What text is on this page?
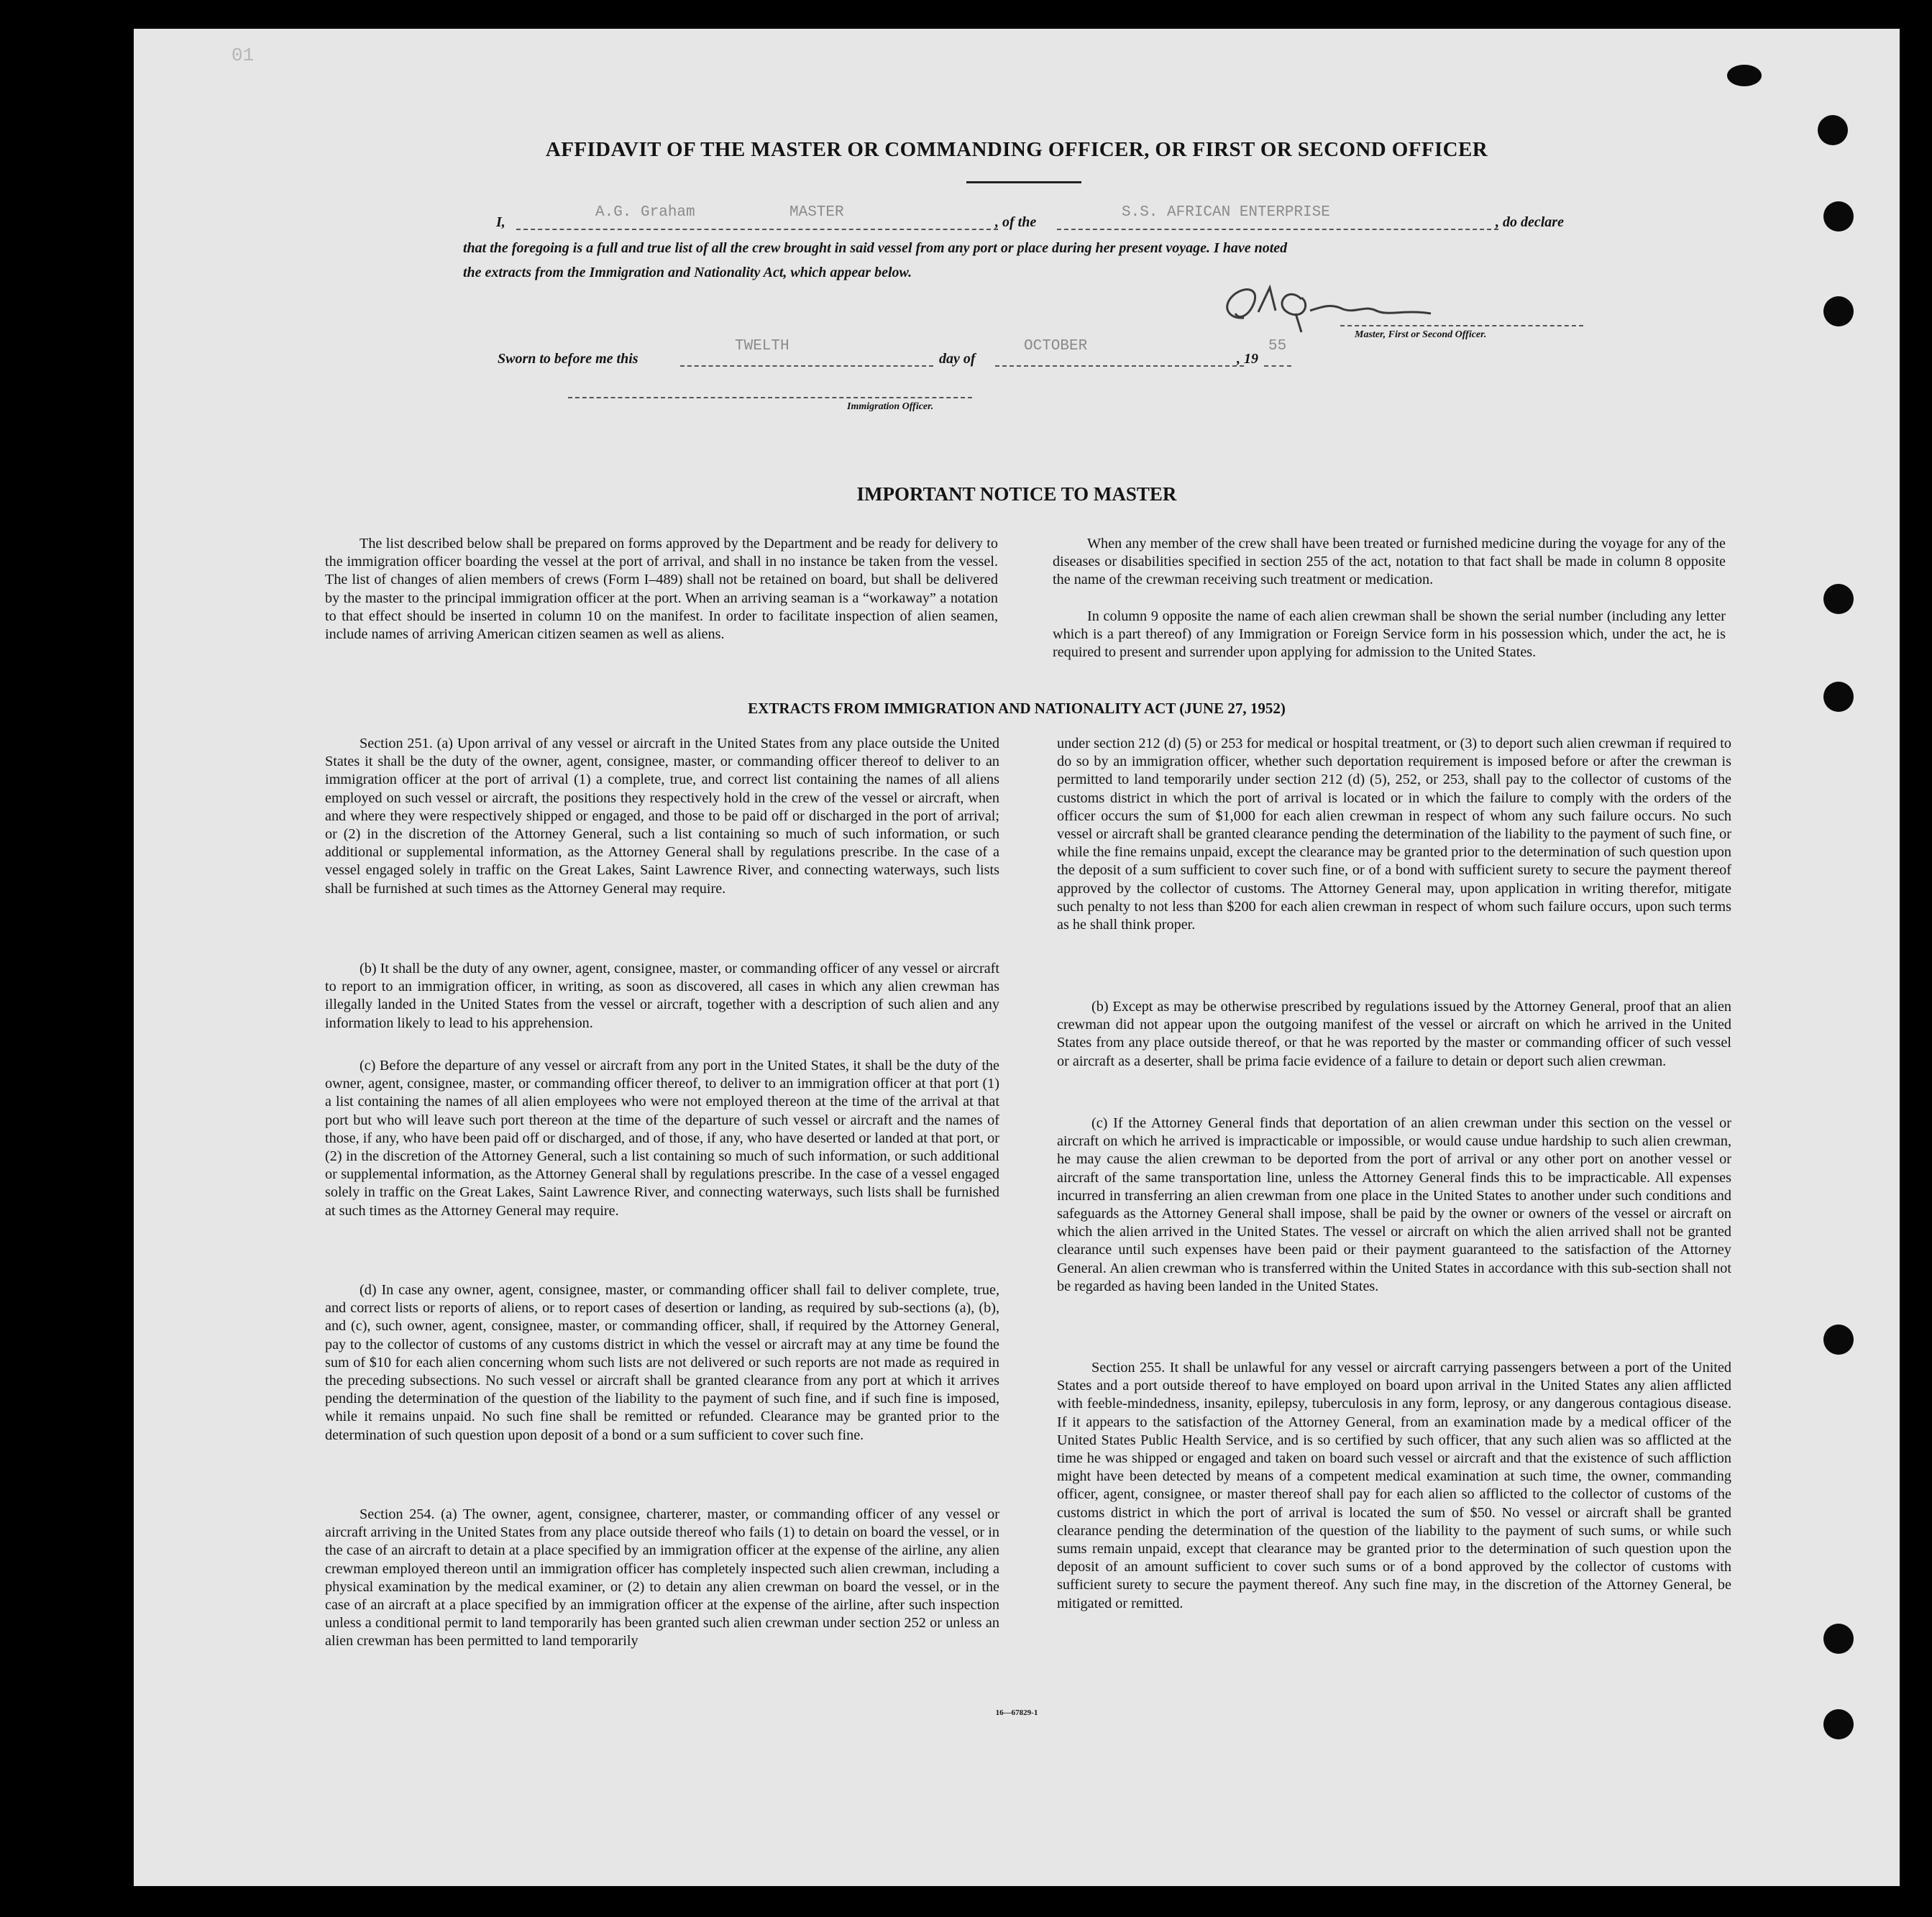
01
AFFIDAVIT OF THE MASTER OR COMMANDING OFFICER, OR FIRST OR SECOND OFFICER
I,
A.G. Graham	MASTER
, of the
S.S. AFRICAN ENTERPRISE
, do declare
that the foregoing is a full and true list of all the crew brought in said vessel from any port or place during her present voyage. I have noted
the extracts from the Immigration and Nationality Act, which appear below.
Master, First or Second Officer.
Sworn to before me this
TWELTH
day of
OCTOBER
, 19
55
Immigration Officer.
IMPORTANT NOTICE TO MASTER

The list described below shall be prepared on forms approved by the Department and be ready for delivery to the immigration officer boarding the vessel at the port of arrival, and shall in no instance be taken from the vessel. The list of changes of alien members of crews (Form I–489) shall not be retained on board, but shall be delivered by the master to the principal immigration officer at the port. When an arriving seaman is a “workaway” a notation to that effect should be inserted in column 10 on the manifest. In order to facilitate inspection of alien seamen, include names of arriving American citizen seamen as well as aliens.

When any member of the crew shall have been treated or furnished medicine during the voyage for any of the diseases or disabilities specified in section 255 of the act, notation to that fact shall be made in column 8 opposite the name of the crewman receiving such treatment or medication.

In column 9 opposite the name of each alien crewman shall be shown the serial number (including any letter which is a part thereof) of any Immigration or Foreign Service form in his possession which, under the act, he is required to present and surrender upon applying for admission to the United States.

EXTRACTS FROM IMMIGRATION AND NATIONALITY ACT (JUNE 27, 1952)

Section 251. (a) Upon arrival of any vessel or aircraft in the United States from any place outside the United States it shall be the duty of the owner, agent, consignee, master, or commanding officer thereof to deliver to an immigration officer at the port of arrival (1) a complete, true, and correct list containing the names of all aliens employed on such vessel or aircraft, the positions they respectively hold in the crew of the vessel or aircraft, when and where they were respectively shipped or engaged, and those to be paid off or discharged in the port of arrival; or (2) in the discretion of the Attorney General, such a list containing so much of such information, or such additional or supplemental information, as the Attorney General shall by regulations prescribe. In the case of a vessel engaged solely in traffic on the Great Lakes, Saint Lawrence River, and connecting waterways, such lists shall be furnished at such times as the Attorney General may require.

(b) It shall be the duty of any owner, agent, consignee, master, or commanding officer of any vessel or aircraft to report to an immigration officer, in writing, as soon as discovered, all cases in which any alien crewman has illegally landed in the United States from the vessel or aircraft, together with a description of such alien and any information likely to lead to his apprehension.

(c) Before the departure of any vessel or aircraft from any port in the United States, it shall be the duty of the owner, agent, consignee, master, or commanding officer thereof, to deliver to an immigration officer at that port (1) a list containing the names of all alien employees who were not employed thereon at the time of the arrival at that port but who will leave such port thereon at the time of the departure of such vessel or aircraft and the names of those, if any, who have been paid off or discharged, and of those, if any, who have deserted or landed at that port, or (2) in the discretion of the Attorney General, such a list containing so much of such information, or such additional or supplemental information, as the Attorney General shall by regulations prescribe. In the case of a vessel engaged solely in traffic on the Great Lakes, Saint Lawrence River, and connecting waterways, such lists shall be furnished at such times as the Attorney General may require.

(d) In case any owner, agent, consignee, master, or commanding officer shall fail to deliver complete, true, and correct lists or reports of aliens, or to report cases of desertion or landing, as required by sub-sections (a), (b), and (c), such owner, agent, consignee, master, or commanding officer, shall, if required by the Attorney General, pay to the collector of customs of any customs district in which the vessel or aircraft may at any time be found the sum of $10 for each alien concerning whom such lists are not delivered or such reports are not made as required in the preceding subsections. No such vessel or aircraft shall be granted clearance from any port at which it arrives pending the determination of the question of the liability to the payment of such fine, and if such fine is imposed, while it remains unpaid. No such fine shall be remitted or refunded. Clearance may be granted prior to the determination of such question upon deposit of a bond or a sum sufficient to cover such fine.

Section 254. (a) The owner, agent, consignee, charterer, master, or commanding officer of any vessel or aircraft arriving in the United States from any place outside thereof who fails (1) to detain on board the vessel, or in the case of an aircraft to detain at a place specified by an immigration officer at the expense of the airline, any alien crewman employed thereon until an immigration officer has completely inspected such alien crewman, including a physical examination by the medical examiner, or (2) to detain any alien crewman on board the vessel, or in the case of an aircraft at a place specified by an immigration officer at the expense of the airline, after such inspection unless a conditional permit to land temporarily has been granted such alien crewman under section 252 or unless an alien crewman has been permitted to land temporarily

under section 212 (d) (5) or 253 for medical or hospital treatment, or (3) to deport such alien crewman if required to do so by an immigration officer, whether such deportation requirement is imposed before or after the crewman is permitted to land temporarily under section 212 (d) (5), 252, or 253, shall pay to the collector of customs of the customs district in which the port of arrival is located or in which the failure to comply with the orders of the officer occurs the sum of $1,000 for each alien crewman in respect of whom any such failure occurs. No such vessel or aircraft shall be granted clearance pending the determination of the liability to the payment of such fine, or while the fine remains unpaid, except the clearance may be granted prior to the determination of such question upon the deposit of a sum sufficient to cover such fine, or of a bond with sufficient surety to secure the payment thereof approved by the collector of customs. The Attorney General may, upon application in writing therefor, mitigate such penalty to not less than $200 for each alien crewman in respect of whom such failure occurs, upon such terms as he shall think proper.

(b) Except as may be otherwise prescribed by regulations issued by the Attorney General, proof that an alien crewman did not appear upon the outgoing manifest of the vessel or aircraft on which he arrived in the United States from any place outside thereof, or that he was reported by the master or commanding officer of such vessel or aircraft as a deserter, shall be prima facie evidence of a failure to detain or deport such alien crewman.

(c) If the Attorney General finds that deportation of an alien crewman under this section on the vessel or aircraft on which he arrived is impracticable or impossible, or would cause undue hardship to such alien crewman, he may cause the alien crewman to be deported from the port of arrival or any other port on another vessel or aircraft of the same transportation line, unless the Attorney General finds this to be impracticable. All expenses incurred in transferring an alien crewman from one place in the United States to another under such conditions and safeguards as the Attorney General shall impose, shall be paid by the owner or owners of the vessel or aircraft on which the alien arrived in the United States. The vessel or aircraft on which the alien arrived shall not be granted clearance until such expenses have been paid or their payment guaranteed to the satisfaction of the Attorney General. An alien crewman who is transferred within the United States in accordance with this sub-section shall not be regarded as having been landed in the United States.

Section 255. It shall be unlawful for any vessel or aircraft carrying passengers between a port of the United States and a port outside thereof to have employed on board upon arrival in the United States any alien afflicted with feeble-mindedness, insanity, epilepsy, tuberculosis in any form, leprosy, or any dangerous contagious disease. If it appears to the satisfaction of the Attorney General, from an examination made by a medical officer of the United States Public Health Service, and is so certified by such officer, that any such alien was so afflicted at the time he was shipped or engaged and taken on board such vessel or aircraft and that the existence of such affliction might have been detected by means of a competent medical examination at such time, the owner, commanding officer, agent, consignee, or master thereof shall pay for each alien so afflicted to the collector of customs of the customs district in which the port of arrival is located the sum of $50. No vessel or aircraft shall be granted clearance pending the determination of the question of the liability to the payment of such sums, or while such sums remain unpaid, except that clearance may be granted prior to the determination of such question upon the deposit of an amount sufficient to cover such sums or of a bond approved by the collector of customs with sufficient surety to secure the payment thereof. Any such fine may, in the discretion of the Attorney General, be mitigated or remitted.

16—67829-1
